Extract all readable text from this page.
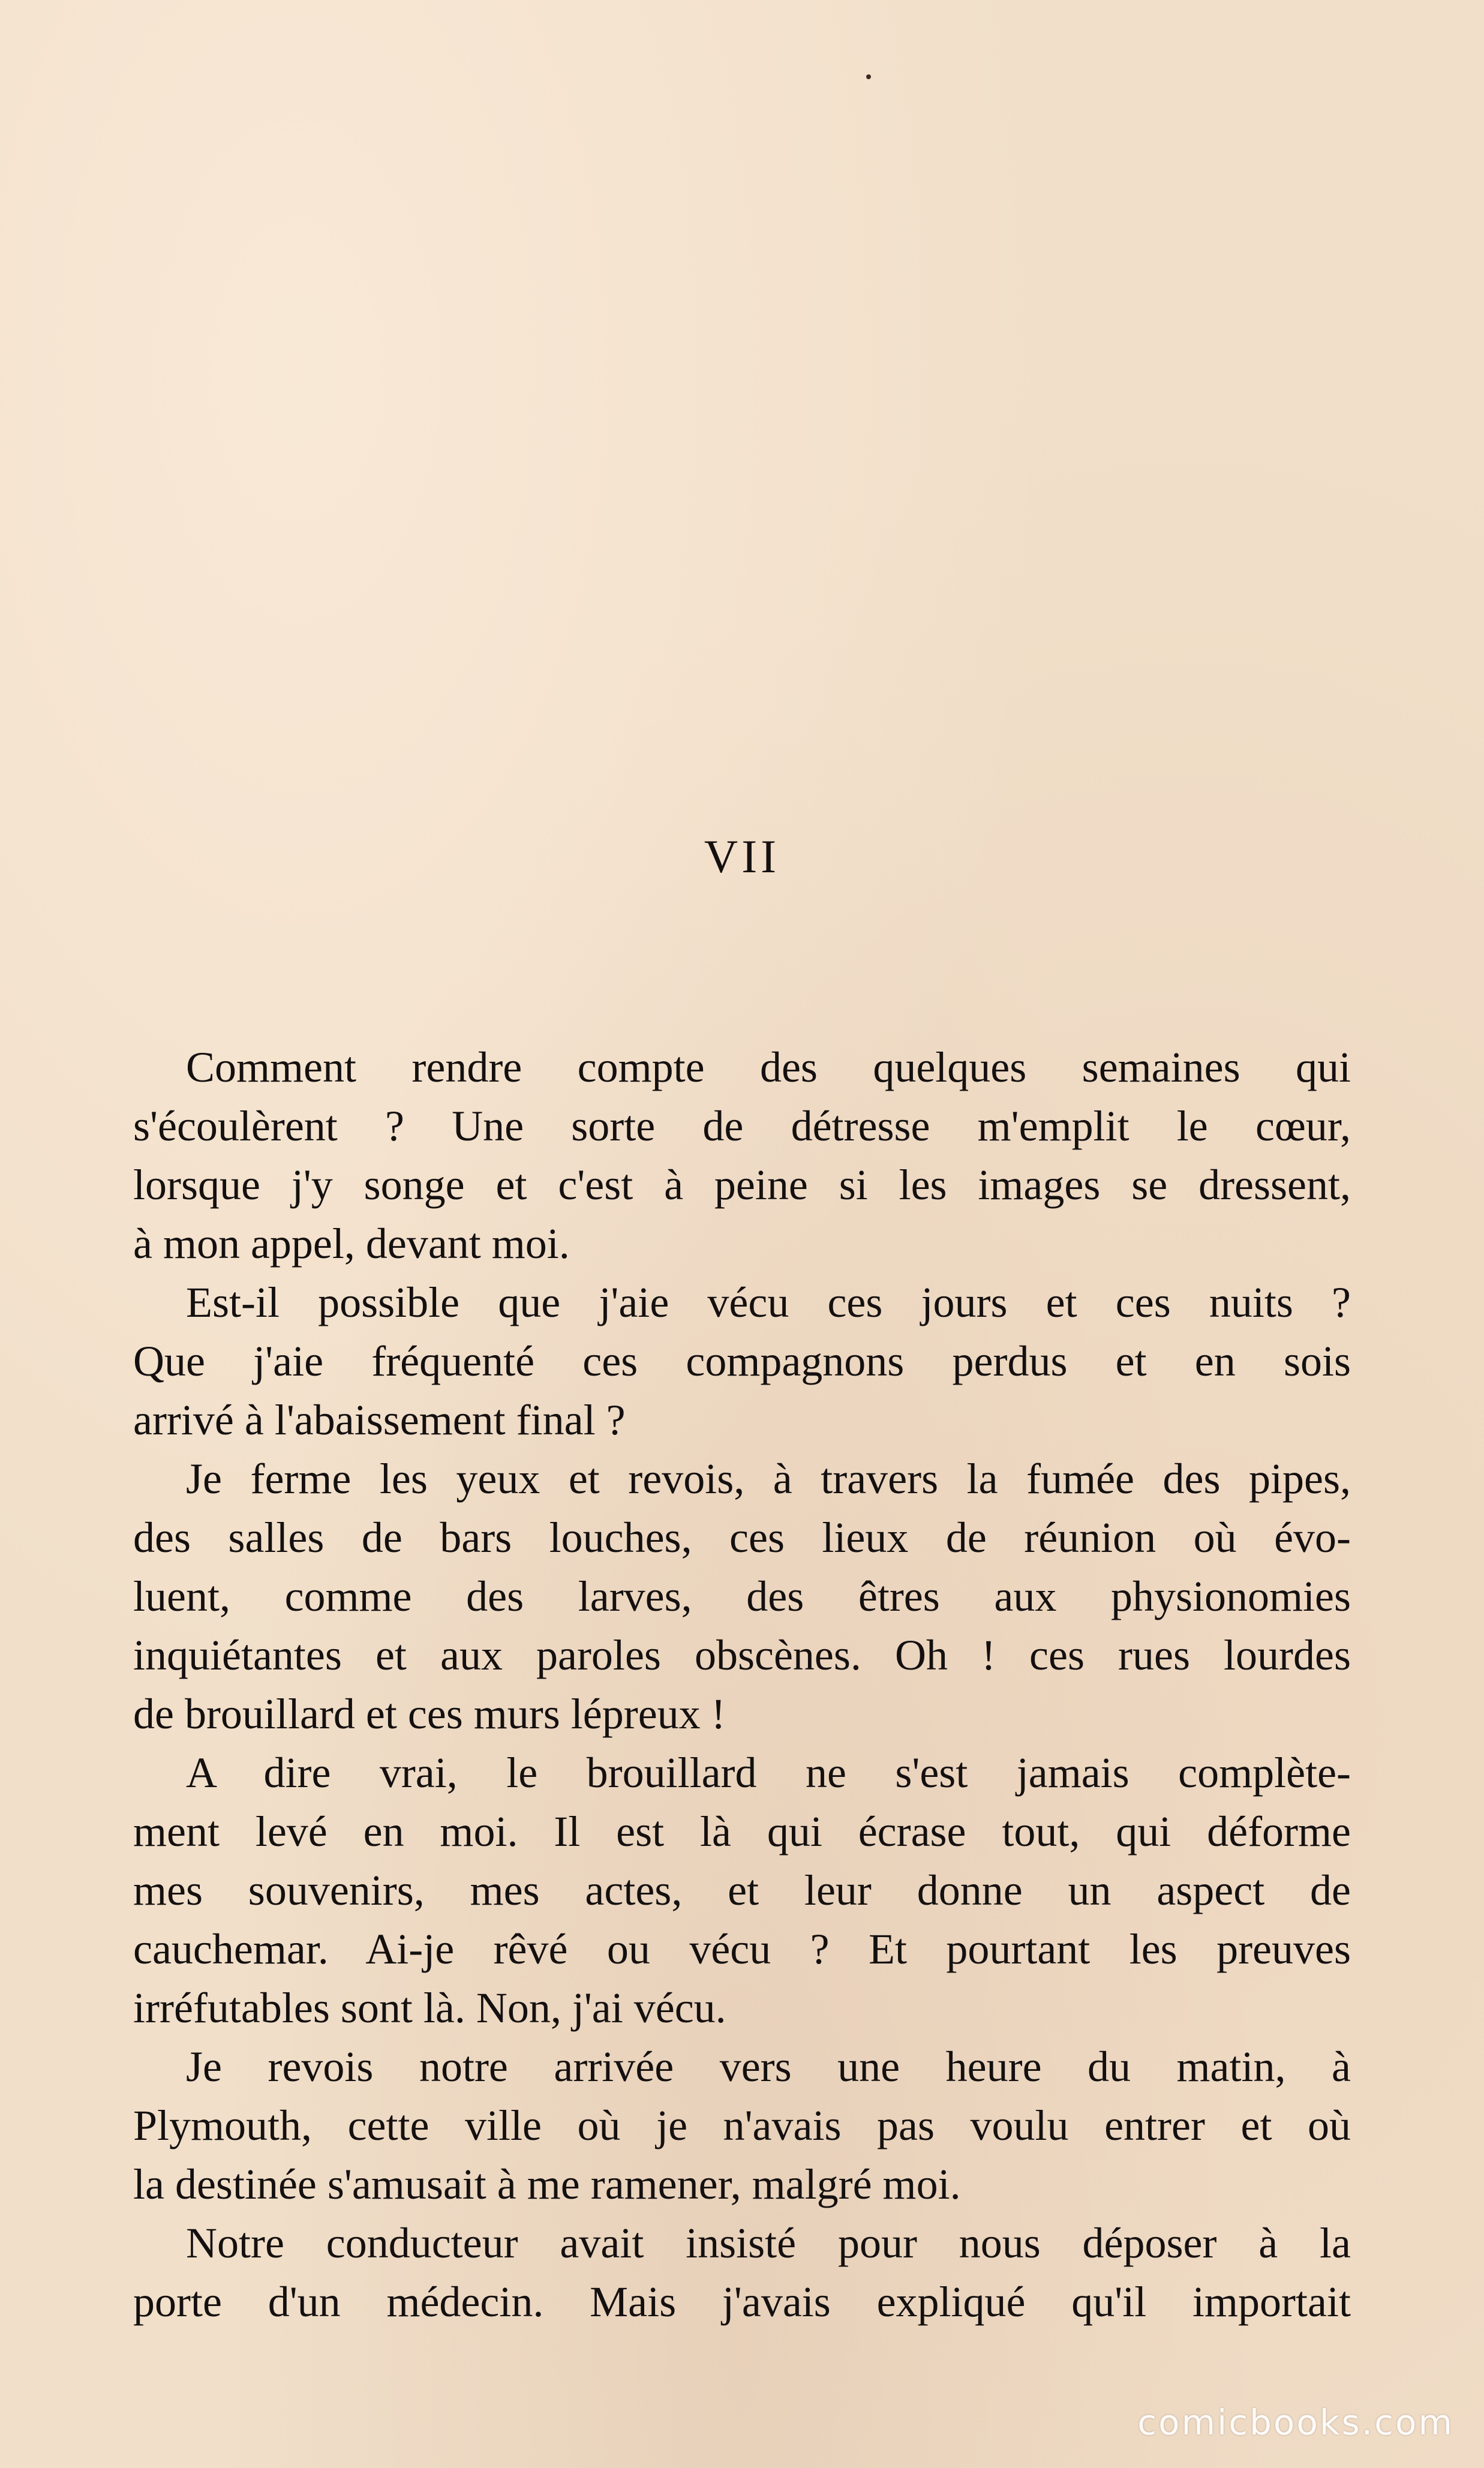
VII
Comment rendre compte des quelques semaines qui
s'écoulèrent ? Une sorte de détresse m'emplit le cœur,
lorsque j'y songe et c'est à peine si les images se dressent,
à mon appel, devant moi.
Est-il possible que j'aie vécu ces jours et ces nuits ?
Que j'aie fréquenté ces compagnons perdus et en sois
arrivé à l'abaissement final ?
Je ferme les yeux et revois, à travers la fumée des pipes,
des salles de bars louches, ces lieux de réunion où évo-
luent, comme des larves, des êtres aux physionomies
inquiétantes et aux paroles obscènes. Oh ! ces rues lourdes
de brouillard et ces murs lépreux !
A dire vrai, le brouillard ne s'est jamais complète-
ment levé en moi. Il est là qui écrase tout, qui déforme
mes souvenirs, mes actes, et leur donne un aspect de
cauchemar. Ai-je rêvé ou vécu ? Et pourtant les preuves
irréfutables sont là. Non, j'ai vécu.
Je revois notre arrivée vers une heure du matin, à
Plymouth, cette ville où je n'avais pas voulu entrer et où
la destinée s'amusait à me ramener, malgré moi.
Notre conducteur avait insisté pour nous déposer à la
porte d'un médecin. Mais j'avais expliqué qu'il importait
comicbooks.com
